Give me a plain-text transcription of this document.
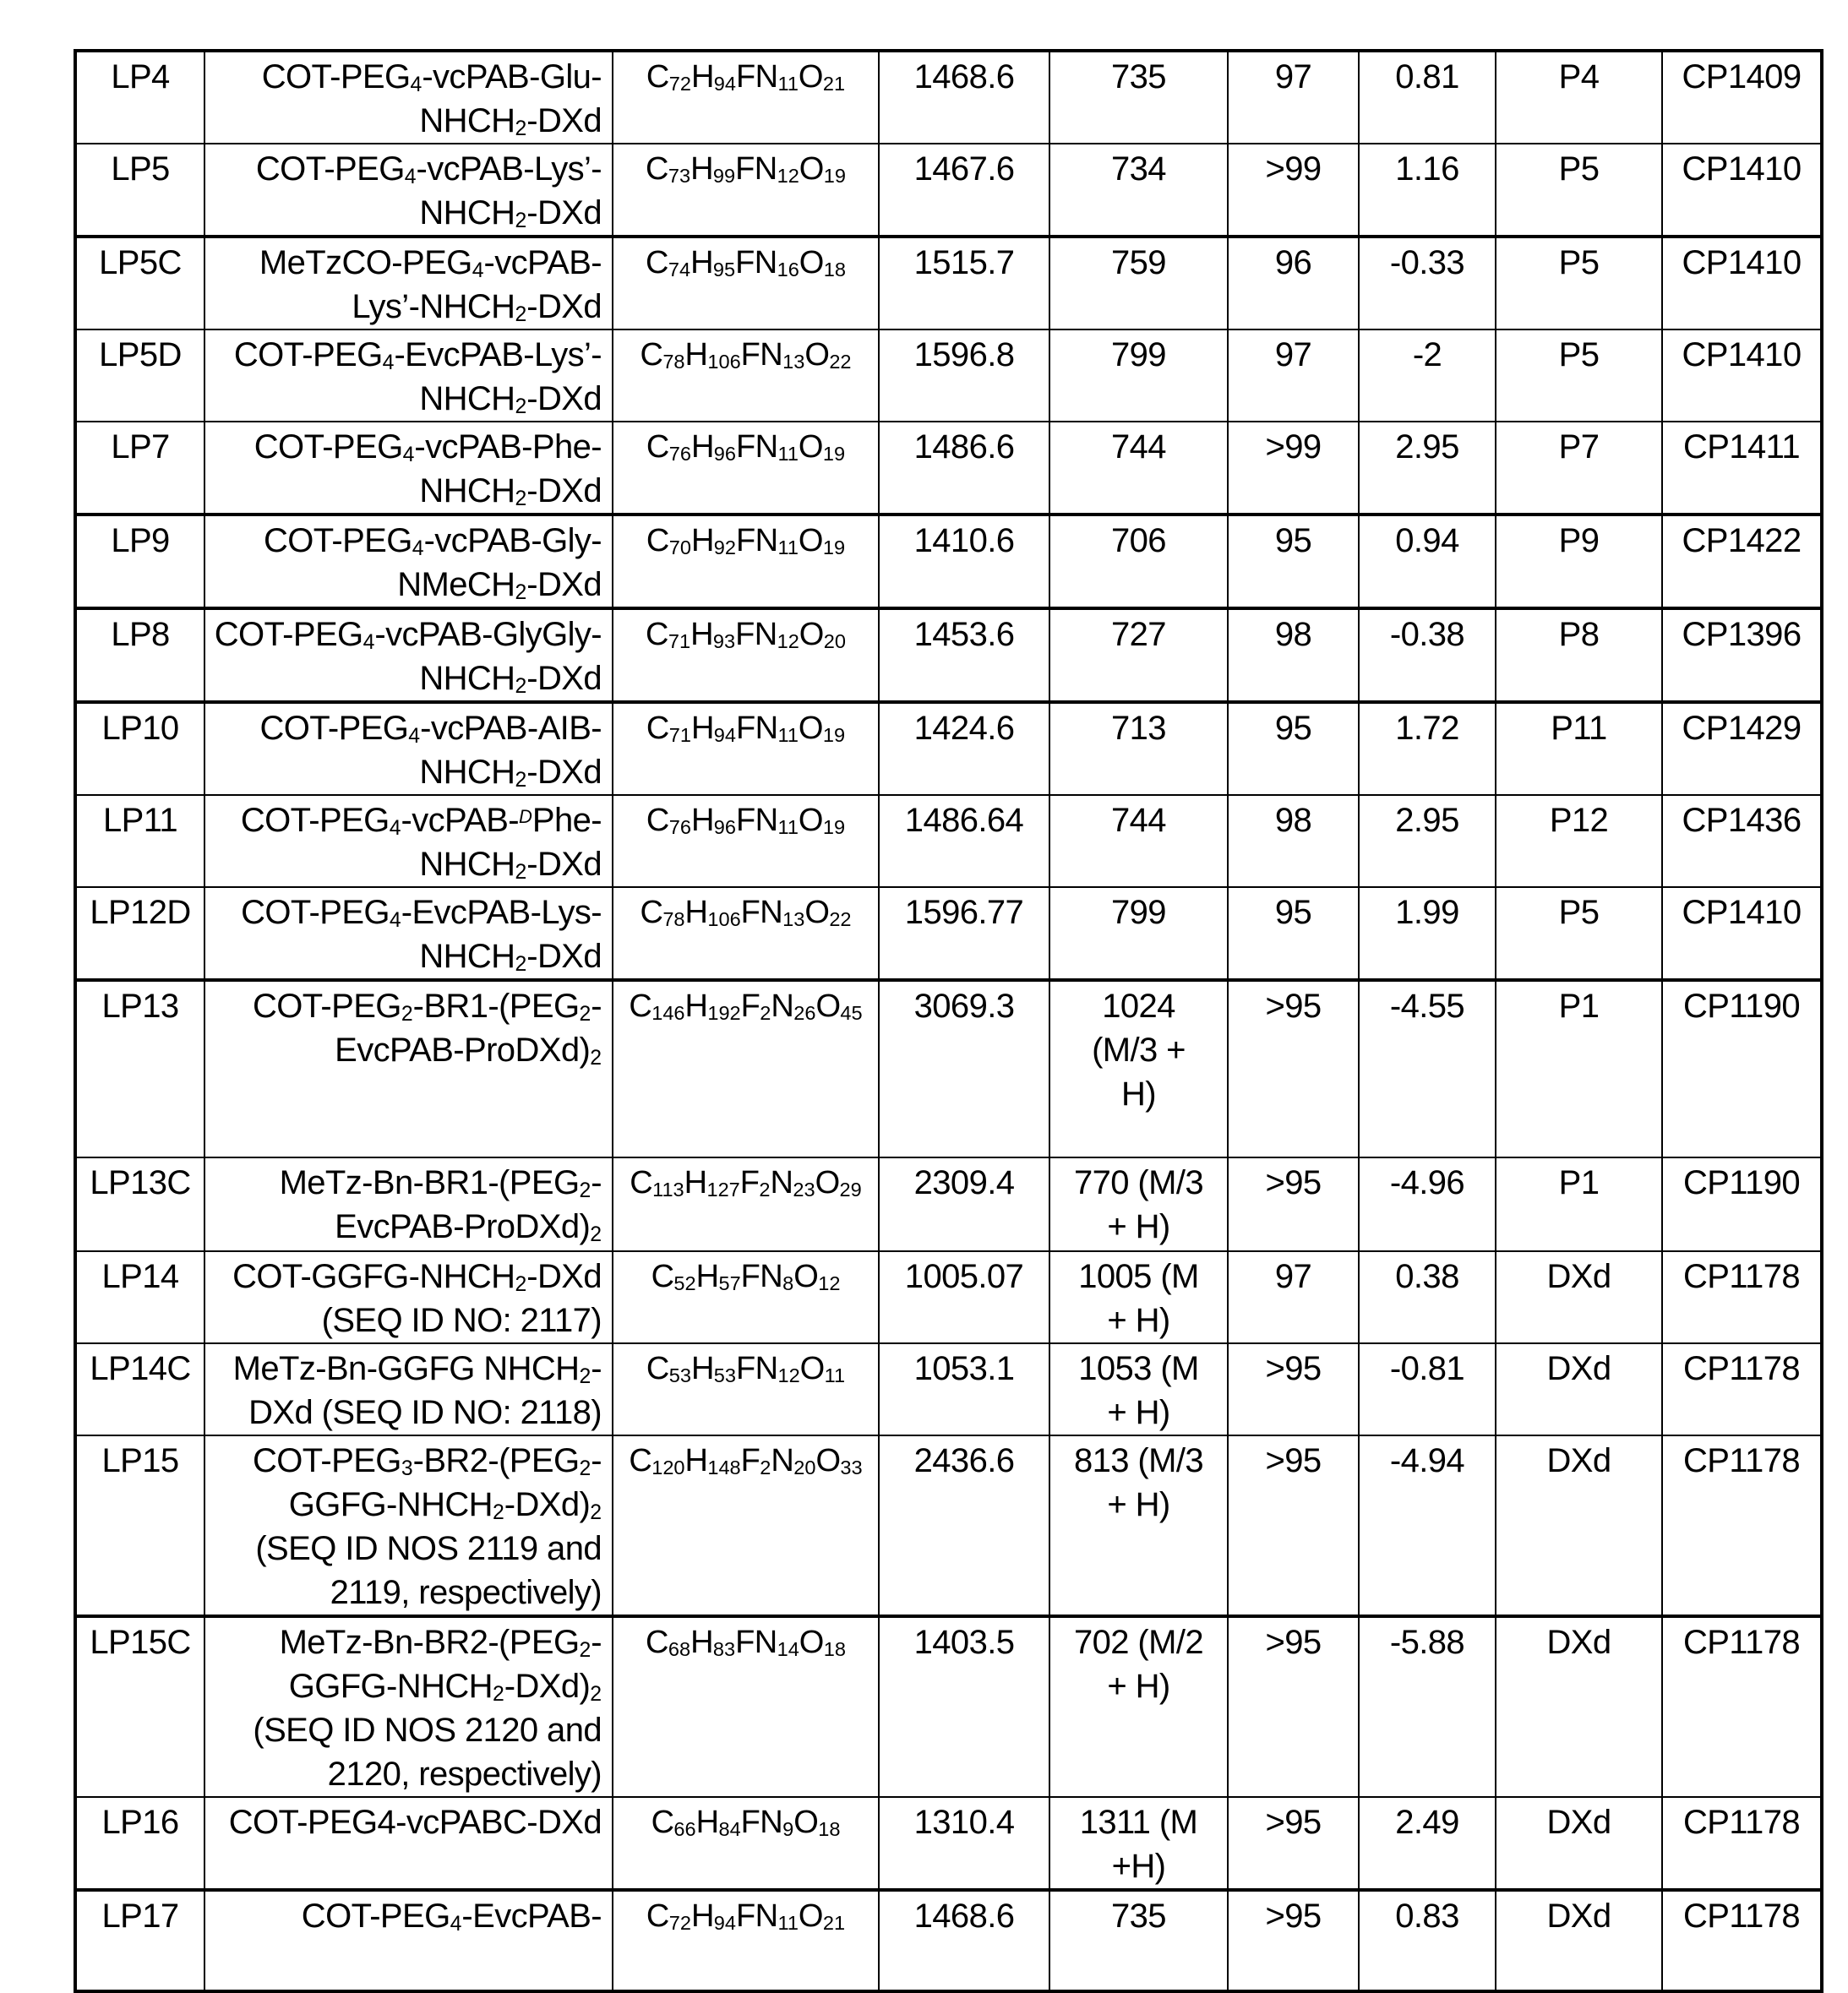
LP4	COT-$PEG_4-vcPAB-Glu-$
$NHCH_2$-DXd	$C_{72}H_{94}FN_{11}O_{21}$	1468.6	735	97	0.81	P4	CP1409
LP5	COT-$PEG_4-vcPAB-Lys’-$
$NHCH_2$-DXd	$C_{73}H_{99}FN_{12}O_{19}$	1467.6	734	>99	1.16	P5	CP1410
LP5C	MeTzCO-$PEG_4-vcPAB-$
$Lys’-NHCH_2$-DXd	$C_{74}H_{95}FN_{16}O_{18}$	1515.7	759	96	-0.33	P5	CP1410
LP5D	COT-$PEG_4-EvcPAB-Lys’-$
$NHCH_2$-DXd	$C_{78}H_{106}FN_{13}O_{22}$	1596.8	799	97	-2	P5	CP1410
LP7	COT-$PEG_4-vcPAB-Phe-$
$NHCH_2$-DXd	$C_{76}H_{96}FN_{11}O_{19}$	1486.6	744	>99	2.95	P7	CP1411
LP9	COT-$PEG_4-vcPAB-Gly-$
NMeCH$_2$-DXd	$C_{70}H_{92}FN_{11}O_{19}$	1410.6	706	95	0.94	P9	CP1422
LP8	COT-$PEG_4-vcPAB-GlyGly-$
$NHCH_2$-DXd	$C_{71}H_{93}FN_{12}O_{20}$	1453.6	727	98	-0.38	P8	CP1396
LP10	COT-$PEG_4-vcPAB-AIB-$
$NHCH_2$-DXd	$C_{71}H_{94}FN_{11}O_{19}$	1424.6	713	95	1.72	P11	CP1429
LP11	COT-$PEG_4-vcPAB-^DPhe-$
$NHCH_2$-DXd	$C_{76}H_{96}FN_{11}O_{19}$	1486.64	744	98	2.95	P12	CP1436
LP12D	COT-$PEG_4-EvcPAB-Lys-$
$NHCH_2$-DXd	$C_{78}H_{106}FN_{13}O_{22}$	1596.77	799	95	1.99	P5	CP1410
LP13	COT-$PEG_2-BR1-(PEG_2-$
EvcPAB-$ProDXd)_2$
	$C_{146}H_{192}F_2N_{26}O_{45}$	3069.3	1024
(M/3 +
H)
	>95	-4.55	P1	CP1190
LP13C	MeTz-$Bn-BR1-(PEG_2-$
EvcPAB-$ProDXd)_2$
	$C_{113}H_{127}F_2N_{23}O_{29}$	2309.4	770 (M/3
+ H)
	>95	-4.96	P1	CP1190
LP14	COT-$GGFG-NHCH_2$-DXd
(SEQ ID NO: 2117)
	$C_{52}H_{57}FN_8O_{12}$	1005.07	1005 (M
+ H)
	97	0.38	DXd	CP1178
LP14C	MeTz-Bn-GGFG $NHCH_2-$
DXd (SEQ ID NO: 2118)
	$C_{53}H_{53}FN_{12}O_{11}$	1053.1	1053 (M
+ H)
	>95	-0.81	DXd	CP1178
LP15	COT-$PEG_3-BR2-(PEG_2-$
GGFG-$NHCH_2-DXd)_2$
(SEQ ID NOS 2119 and
2119, respectively)
	$C_{120}H_{148}F_2N_{20}O_{33}$	2436.6	813 (M/3
+ H)
	>95	-4.94	DXd	CP1178
LP15C	MeTz-$Bn-BR2-(PEG_2-$
GGFG-$NHCH_2-DXd)_2$
(SEQ ID NOS 2120 and
2120, respectively)
	$C_{68}H_{83}FN_{14}O_{18}$	1403.5	702 (M/2
+ H)
	>95	-5.88	DXd	CP1178
LP16	COT-PEG4-vcPABC-DXd	$C_{66}H_{84}FN_9O_{18}$	1310.4	1311 (M
+H)	>95	2.49	DXd	CP1178
LP17	COT-$PEG_4-EvcPAB-$	$C_{72}H_{94}FN_{11}O_{21}$	1468.6	735	>95	0.83	DXd	CP1178
